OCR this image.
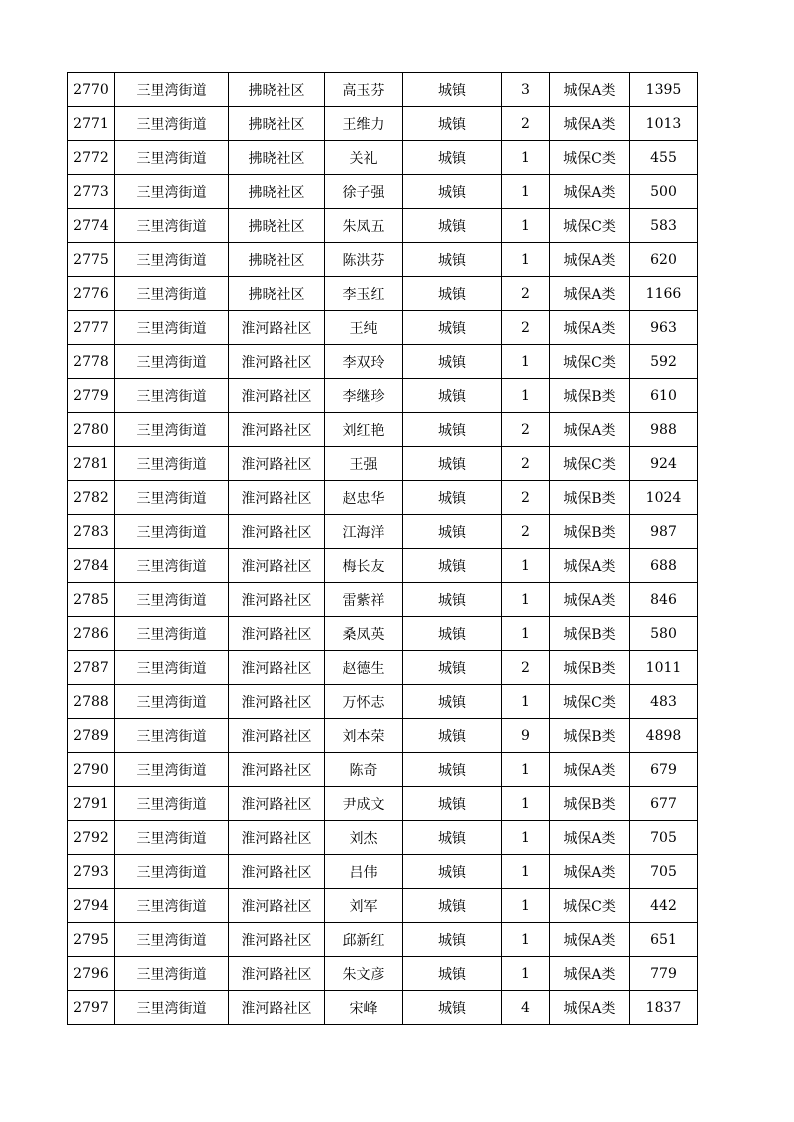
2770	三里湾街道	拂晓社区	高玉芬	城镇	3	城保A类	1395
2771	三里湾街道	拂晓社区	王维力	城镇	2	城保A类	1013
2772	三里湾街道	拂晓社区	关礼	城镇	1	城保C类	455
2773	三里湾街道	拂晓社区	徐子强	城镇	1	城保A类	500
2774	三里湾街道	拂晓社区	朱凤五	城镇	1	城保C类	583
2775	三里湾街道	拂晓社区	陈洪芬	城镇	1	城保A类	620
2776	三里湾街道	拂晓社区	李玉红	城镇	2	城保A类	1166
2777	三里湾街道	淮河路社区	王纯	城镇	2	城保A类	963
2778	三里湾街道	淮河路社区	李双玲	城镇	1	城保C类	592
2779	三里湾街道	淮河路社区	李继珍	城镇	1	城保B类	610
2780	三里湾街道	淮河路社区	刘红艳	城镇	2	城保A类	988
2781	三里湾街道	淮河路社区	王强	城镇	2	城保C类	924
2782	三里湾街道	淮河路社区	赵忠华	城镇	2	城保B类	1024
2783	三里湾街道	淮河路社区	江海洋	城镇	2	城保B类	987
2784	三里湾街道	淮河路社区	梅长友	城镇	1	城保A类	688
2785	三里湾街道	淮河路社区	雷紫祥	城镇	1	城保A类	846
2786	三里湾街道	淮河路社区	桑凤英	城镇	1	城保B类	580
2787	三里湾街道	淮河路社区	赵德生	城镇	2	城保B类	1011
2788	三里湾街道	淮河路社区	万怀志	城镇	1	城保C类	483
2789	三里湾街道	淮河路社区	刘本荣	城镇	9	城保B类	4898
2790	三里湾街道	淮河路社区	陈奇	城镇	1	城保A类	679
2791	三里湾街道	淮河路社区	尹成文	城镇	1	城保B类	677
2792	三里湾街道	淮河路社区	刘杰	城镇	1	城保A类	705
2793	三里湾街道	淮河路社区	吕伟	城镇	1	城保A类	705
2794	三里湾街道	淮河路社区	刘军	城镇	1	城保C类	442
2795	三里湾街道	淮河路社区	邱新红	城镇	1	城保A类	651
2796	三里湾街道	淮河路社区	朱文彦	城镇	1	城保A类	779
2797	三里湾街道	淮河路社区	宋峰	城镇	4	城保A类	1837
